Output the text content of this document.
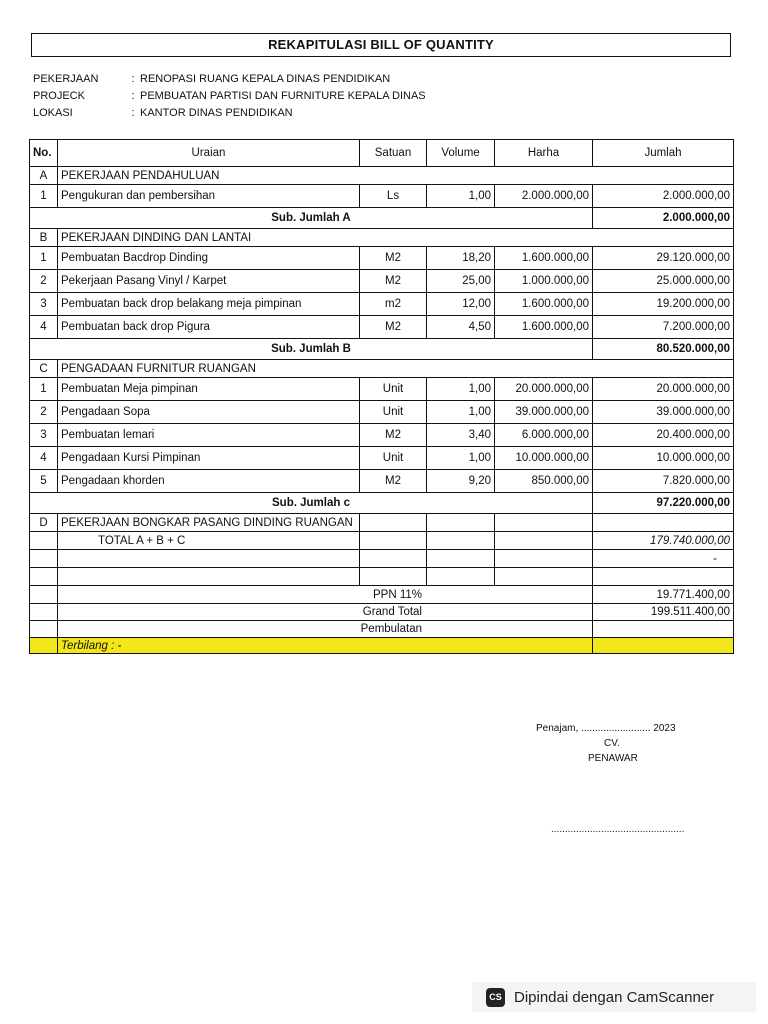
REKAPITULASI BILL OF QUANTITY
PEKERJAAN	: RENOPASI RUANG KEPALA DINAS PENDIDIKAN
PROJECK	: PEMBUATAN PARTISI DAN FURNITURE KEPALA DINAS
LOKASI	: KANTOR DINAS PENDIDIKAN
No.	Uraian	Satuan	Volume	Harha	Jumlah
A	PEKERJAAN PENDAHULUAN				
1	Pengukuran dan pembersihan	Ls	1,00	2.000.000,00	2.000.000,00
Sub. Jumlah A					2.000.000,00
B	PEKERJAAN DINDING DAN LANTAI				
1	Pembuatan Bacdrop Dinding	M2	18,20	1.600.000,00	29.120.000,00
2	Pekerjaan Pasang Vinyl / Karpet	M2	25,00	1.000.000,00	25.000.000,00
3	Pembuatan back drop belakang meja pimpinan	m2	12,00	1.600.000,00	19.200.000,00
4	Pembuatan back drop Pigura	M2	4,50	1.600.000,00	7.200.000,00
Sub. Jumlah B					80.520.000,00
C	PENGADAAN FURNITUR RUANGAN				
1	Pembuatan Meja pimpinan	Unit	1,00	20.000.000,00	20.000.000,00
2	Pengadaan Sopa	Unit	1,00	39.000.000,00	39.000.000,00
3	Pembuatan lemari	M2	3,40	6.000.000,00	20.400.000,00
4	Pengadaan Kursi Pimpinan	Unit	1,00	10.000.000,00	10.000.000,00
5	Pengadaan khorden	M2	9,20	850.000,00	7.820.000,00
Sub. Jumlah c					97.220.000,00
D	PEKERJAAN BONGKAR PASANG DINDING RUANGAN				
	TOTAL A + B + C				179.740.000,00
					-

	PPN 11%				19.771.400,00
	Grand Total				199.511.400,00
	Pembulatan				
	Terbilang : -				
Penajam, ......................... 2023
CV.
PENAWAR
................................................
CS Dipindai dengan CamScanner
